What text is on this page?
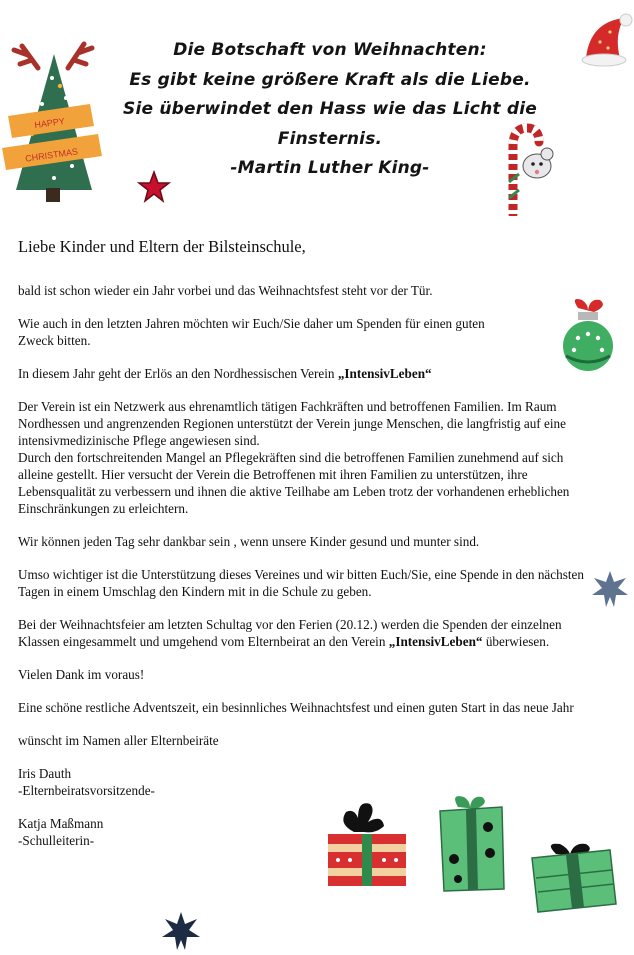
Die Botschaft von Weihnachten:
Es gibt keine größere Kraft als die Liebe.
Sie überwindet den Hass wie das Licht die
Finsternis.
-Martin Luther King-
HAPPY
CHRISTMAS
Liebe Kinder und Eltern der Bilsteinschule,

bald ist schon wieder ein Jahr vorbei und das Weihnachtsfest steht vor der Tür.

Wie auch in den letzten Jahren möchten wir Euch/Sie daher um Spenden für einen guten Zweck bitten.

In diesem Jahr geht der Erlös an den Nordhessischen Verein „IntensivLeben“

Der Verein ist ein Netzwerk aus ehrenamtlich tätigen Fachkräften und betroffenen Familien. Im Raum Nordhessen und angrenzenden Regionen unterstützt der Verein junge Menschen, die langfristig auf eine intensivmedizinische Pflege angewiesen sind.

Durch den fortschreitenden Mangel an Pflegekräften sind die betroffenen Familien zunehmend auf sich alleine gestellt. Hier versucht der Verein die Betroffenen mit ihren Familien zu unterstützen, ihre Lebensqualität zu verbessern und ihnen die aktive Teilhabe am Leben trotz der vorhandenen erheblichen Einschränkungen zu erleichtern.

Wir können jeden Tag sehr dankbar sein , wenn unsere Kinder gesund und munter sind.

Umso wichtiger ist die Unterstützung dieses Vereines und wir bitten Euch/Sie, eine Spende in den nächsten Tagen in einem Umschlag den Kindern mit in die Schule zu geben.

Bei der Weihnachtsfeier am letzten Schultag vor den Ferien (20.12.) werden die Spenden der einzelnen Klassen eingesammelt und umgehend vom Elternbeirat an den Verein „IntensivLeben“ überwiesen.

Vielen Dank im voraus!

Eine schöne restliche Adventszeit, ein besinnliches Weihnachtsfest und einen guten Start in das neue Jahr

wünscht im Namen aller Elternbeiräte

Iris Dauth
-Elternbeiratsvorsitzende-
Katja Maßmann
-Schulleiterin-
